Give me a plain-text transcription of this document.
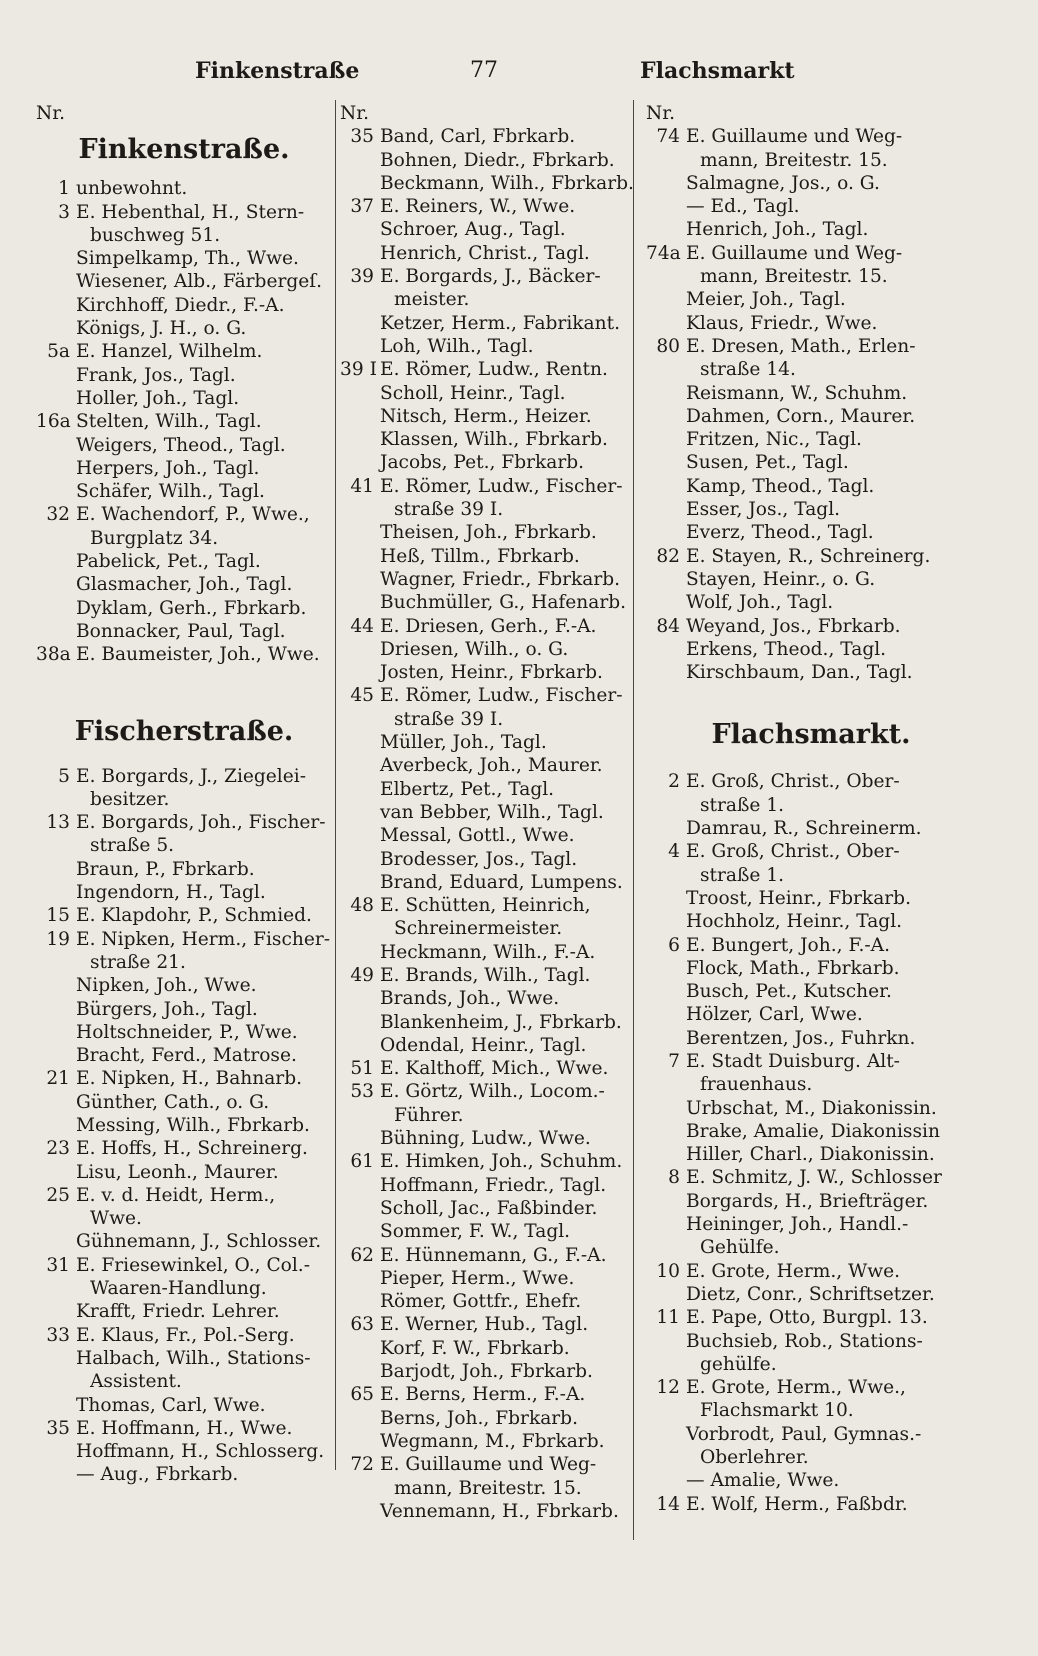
Finkenstraße	77	Flachsmarkt
Nr.
Finkenstraße.
1 unbewohnt.
3 E. Hebenthal, H., Stern-
buschweg 51.
Simpelkamp, Th., Wwe.
Wiesener, Alb., Färbergeſ.
Kirchhoff, Diedr., F.-A.
Königs, J. H., o. G.
5a E. Hanzel, Wilhelm.
Frank, Jos., Tagl.
Holler, Joh., Tagl.
16a Stelten, Wilh., Tagl.
Weigers, Theod., Tagl.
Herpers, Joh., Tagl.
Schäfer, Wilh., Tagl.
32 E. Wachendorf, P., Wwe.,
Burgplatz 34.
Pabelick, Pet., Tagl.
Glasmacher, Joh., Tagl.
Dyklam, Gerh., Fbrkarb.
Bonnacker, Paul, Tagl.
38a E. Baumeister, Joh., Wwe.
Fischerstraße.
5 E. Borgards, J., Ziegelei-
besitzer.
13 E. Borgards, Joh., Fischer-
straße 5.
Braun, P., Fbrkarb.
Ingendorn, H., Tagl.
15 E. Klapdohr, P., Schmied.
19 E. Nipken, Herm., Fischer-
straße 21.
Nipken, Joh., Wwe.
Bürgers, Joh., Tagl.
Holtschneider, P., Wwe.
Bracht, Ferd., Matrose.
21 E. Nipken, H., Bahnarb.
Günther, Cath., o. G.
Messing, Wilh., Fbrkarb.
23 E. Hoffs, H., Schreinerg.
Lisu, Leonh., Maurer.
25 E. v. d. Heidt, Herm.,
Wwe.
Gühnemann, J., Schlosser.
31 E. Friesewinkel, O., Col.-
Waaren-Handlung.
Krafft, Friedr. Lehrer.
33 E. Klaus, Fr., Pol.-Serg.
Halbach, Wilh., Stations-
Assistent.
Thomas, Carl, Wwe.
35 E. Hoffmann, H., Wwe.
Hoffmann, H., Schlosserg.
— Aug., Fbrkarb.
Nr.
35 Band, Carl, Fbrkarb.
Bohnen, Diedr., Fbrkarb.
Beckmann, Wilh., Fbrkarb.
37 E. Reiners, W., Wwe.
Schroer, Aug., Tagl.
Henrich, Christ., Tagl.
39 E. Borgards, J., Bäcker-
meister.
Ketzer, Herm., Fabrikant.
Loh, Wilh., Tagl.
39 I E. Römer, Ludw., Rentn.
Scholl, Heinr., Tagl.
Nitsch, Herm., Heizer.
Klassen, Wilh., Fbrkarb.
Jacobs, Pet., Fbrkarb.
41 E. Römer, Ludw., Fischer-
straße 39 I.
Theisen, Joh., Fbrkarb.
Heß, Tillm., Fbrkarb.
Wagner, Friedr., Fbrkarb.
Buchmüller, G., Hafenarb.
44 E. Driesen, Gerh., F.-A.
Driesen, Wilh., o. G.
Josten, Heinr., Fbrkarb.
45 E. Römer, Ludw., Fischer-
straße 39 I.
Müller, Joh., Tagl.
Averbeck, Joh., Maurer.
Elbertz, Pet., Tagl.
van Bebber, Wilh., Tagl.
Messal, Gottl., Wwe.
Brodesser, Jos., Tagl.
Brand, Eduard, Lumpens.
48 E. Schütten, Heinrich,
Schreinermeister.
Heckmann, Wilh., F.-A.
49 E. Brands, Wilh., Tagl.
Brands, Joh., Wwe.
Blankenheim, J., Fbrkarb.
Odendal, Heinr., Tagl.
51 E. Kalthoff, Mich., Wwe.
53 E. Görtz, Wilh., Locom.-
Führer.
Bühning, Ludw., Wwe.
61 E. Himken, Joh., Schuhm.
Hoffmann, Friedr., Tagl.
Scholl, Jac., Faßbinder.
Sommer, F. W., Tagl.
62 E. Hünnemann, G., F.-A.
Pieper, Herm., Wwe.
Römer, Gottfr., Ehefr.
63 E. Werner, Hub., Tagl.
Korf, F. W., Fbrkarb.
Barjodt, Joh., Fbrkarb.
65 E. Berns, Herm., F.-A.
Berns, Joh., Fbrkarb.
Wegmann, M., Fbrkarb.
72 E. Guillaume und Weg-
mann, Breitestr. 15.
Vennemann, H., Fbrkarb.
Nr.
74 E. Guillaume und Weg-
mann, Breitestr. 15.
Salmagne, Jos., o. G.
— Ed., Tagl.
Henrich, Joh., Tagl.
74a E. Guillaume und Weg-
mann, Breitestr. 15.
Meier, Joh., Tagl.
Klaus, Friedr., Wwe.
80 E. Dresen, Math., Erlen-
straße 14.
Reismann, W., Schuhm.
Dahmen, Corn., Maurer.
Fritzen, Nic., Tagl.
Susen, Pet., Tagl.
Kamp, Theod., Tagl.
Esser, Jos., Tagl.
Everz, Theod., Tagl.
82 E. Stayen, R., Schreinerg.
Stayen, Heinr., o. G.
Wolf, Joh., Tagl.
84 Weyand, Jos., Fbrkarb.
Erkens, Theod., Tagl.
Kirschbaum, Dan., Tagl.
Flachsmarkt.
2 E. Groß, Christ., Ober-
straße 1.
Damrau, R., Schreinerm.
4 E. Groß, Christ., Ober-
straße 1.
Troost, Heinr., Fbrkarb.
Hochholz, Heinr., Tagl.
6 E. Bungert, Joh., F.-A.
Flock, Math., Fbrkarb.
Busch, Pet., Kutscher.
Hölzer, Carl, Wwe.
Berentzen, Jos., Fuhrkn.
7 E. Stadt Duisburg. Alt-
frauenhaus.
Urbschat, M., Diakonissin.
Brake, Amalie, Diakonissin
Hiller, Charl., Diakonissin.
8 E. Schmitz, J. W., Schlosser
Borgards, H., Briefträger.
Heininger, Joh., Handl.-
Gehülfe.
10 E. Grote, Herm., Wwe.
Dietz, Conr., Schriftsetzer.
11 E. Pape, Otto, Burgpl. 13.
Buchsieb, Rob., Stations-
gehülfe.
12 E. Grote, Herm., Wwe.,
Flachsmarkt 10.
Vorbrodt, Paul, Gymnas.-
Oberlehrer.
— Amalie, Wwe.
14 E. Wolf, Herm., Faßbdr.
